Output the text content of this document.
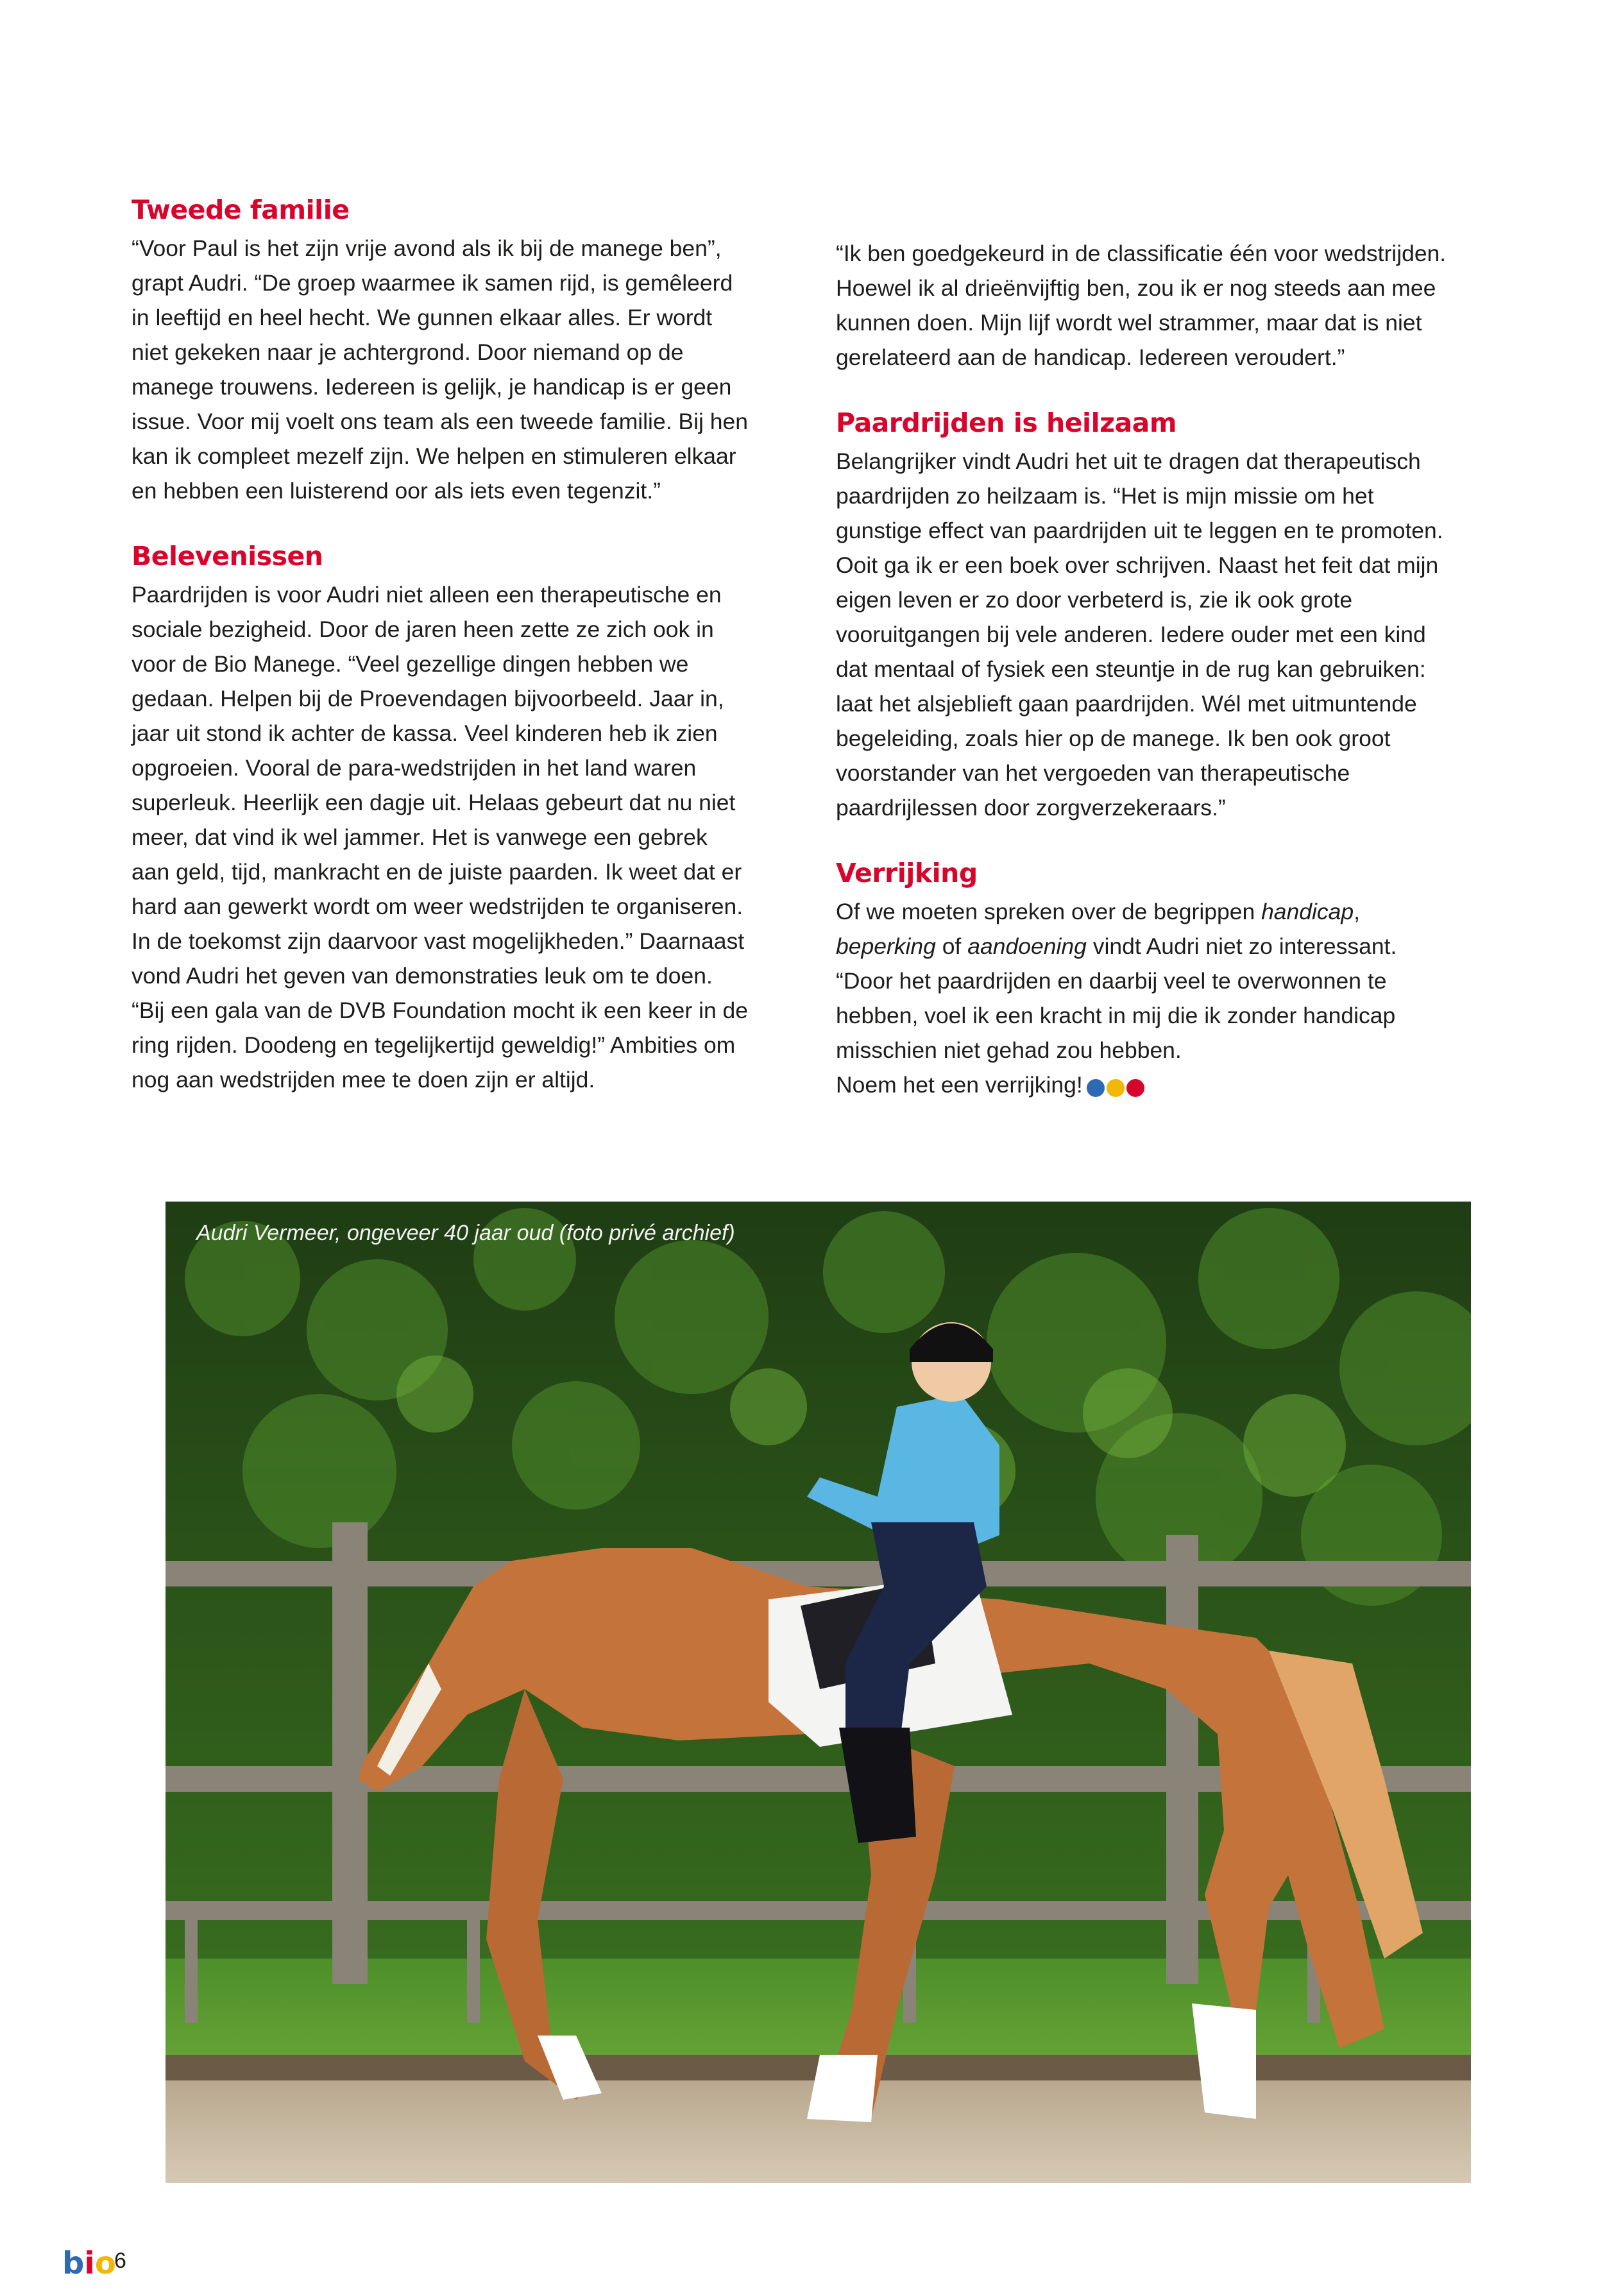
Tweede familie

“Voor Paul is het zijn vrije avond als ik bij de manege ben”, grapt Audri. “De groep waarmee ik samen rijd, is gemêleerd in leeftijd en heel hecht. We gunnen elkaar alles. Er wordt niet gekeken naar je achtergrond. Door niemand op de manege trouwens. Iedereen is gelijk, je handicap is er geen issue. Voor mij voelt ons team als een tweede familie. Bij hen kan ik compleet mezelf zijn. We helpen en stimuleren elkaar en hebben een luisterend oor als iets even tegenzit.”

Belevenissen

Paardrijden is voor Audri niet alleen een therapeutische en sociale bezigheid. Door de jaren heen zette ze zich ook in voor de Bio Manege. “Veel gezellige dingen hebben we gedaan. Helpen bij de Proevendagen bijvoorbeeld. Jaar in, jaar uit stond ik achter de kassa. Veel kinderen heb ik zien opgroeien. Vooral de para-wedstrijden in het land waren superleuk. Heerlijk een dagje uit. Helaas gebeurt dat nu niet meer, dat vind ik wel jammer. Het is vanwege een gebrek aan geld, tijd, mankracht en de juiste paarden. Ik weet dat er hard aan gewerkt wordt om weer wedstrijden te organiseren. In de toekomst zijn daarvoor vast mogelijkheden.” Daarnaast vond Audri het geven van demonstraties leuk om te doen. “Bij een gala van de DVB Foundation mocht ik een keer in de ring rijden. Doodeng en tegelijkertijd geweldig!” Ambities om nog aan wedstrijden mee te doen zijn er altijd.

“Ik ben goedgekeurd in de classificatie één voor wedstrijden. Hoewel ik al drieënvijftig ben, zou ik er nog steeds aan mee kunnen doen. Mijn lijf wordt wel strammer, maar dat is niet gerelateerd aan de handicap. Iedereen veroudert.”

Paardrijden is heilzaam

Belangrijker vindt Audri het uit te dragen dat therapeutisch paardrijden zo heilzaam is. “Het is mijn missie om het gunstige effect van paardrijden uit te leggen en te promoten. Ooit ga ik er een boek over schrijven. Naast het feit dat mijn eigen leven er zo door verbeterd is, zie ik ook grote vooruitgangen bij vele anderen. Iedere ouder met een kind dat mentaal of fysiek een steuntje in de rug kan gebruiken: laat het alsjeblieft gaan paardrijden. Wél met uitmuntende begeleiding, zoals hier op de manege. Ik ben ook groot voorstander van het vergoeden van therapeutische paardrijlessen door zorgverzekeraars.”

Verrijking

Of we moeten spreken over de begrippen handicap, beperking of aandoening vindt Audri niet zo interessant. “Door het paardrijden en daarbij veel te overwonnen te hebben, voel ik een kracht in mij die ik zonder handicap misschien niet gehad zou hebben.
Noem het een verrijking!

Audri Vermeer, ongeveer 40 jaar oud (foto privé archief)
bio
6
